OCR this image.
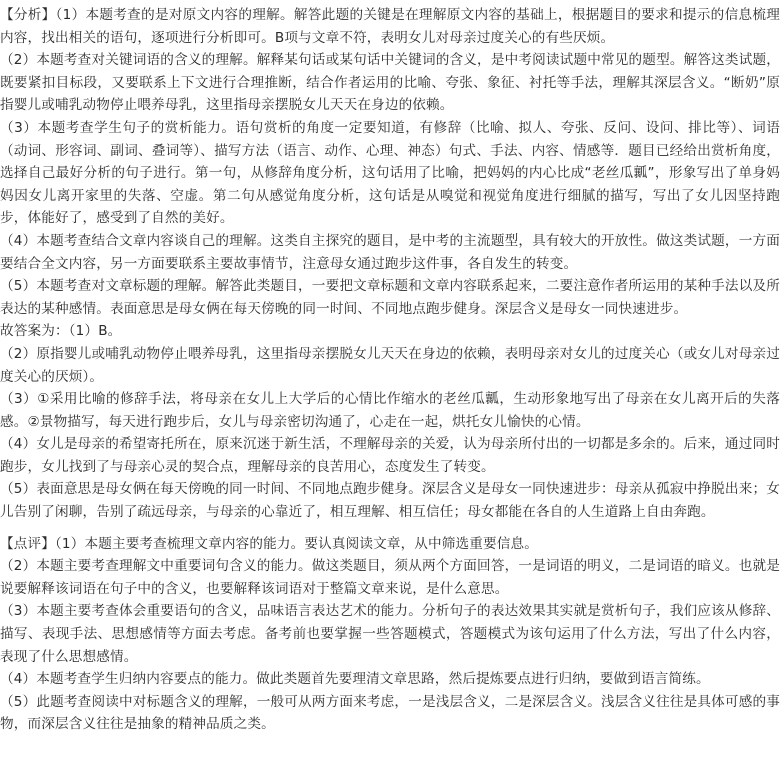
【分析】（1）本题考查的是对原文内容的理解。解答此题的关键是在理解原文内容的基础上，根据题目的要求和提示的信息梳理内容，找出相关的语句，逐项进行分析即可。B项与文章不符，表明女儿对母亲过度关心的有些厌烦。

（2）本题考查对关键词语的含义的理解。解释某句话或某句话中关键词的含义，是中考阅读试题中常见的题型。解答这类试题，既要紧扣目标段，又要联系上下文进行合理推断，结合作者运用的比喻、夸张、象征、衬托等手法，理解其深层含义。“断奶”原指婴儿或哺乳动物停止喂养母乳，这里指母亲摆脱女儿天天在身边的依赖。

（3）本题考查学生句子的赏析能力。语句赏析的角度一定要知道，有修辞（比喻、拟人、夸张、反问、设问、排比等）、词语（动词、形容词、副词、叠词等）、描写方法（语言、动作、心理、神态）句式、手法、内容、情感等．题目已经给出赏析角度，选择自己最好分析的句子进行。第一句，从修辞角度分析，这句话用了比喻，把妈妈的内心比成“老丝瓜瓤”，形象写出了单身妈妈因女儿离开家里的失落、空虚。第二句从感觉角度分析，这句话是从嗅觉和视觉角度进行细腻的描写，写出了女儿因坚持跑步，体能好了，感受到了自然的美好。

（4）本题考查结合文章内容谈自己的理解。这类自主探究的题目，是中考的主流题型，具有较大的开放性。做这类试题，一方面要结合全文内容，另一方面要联系主要故事情节，注意母女通过跑步这件事，各自发生的转变。

（5）本题考查对文章标题的理解。解答此类题目，一要把文章标题和文章内容联系起来，二要注意作者所运用的某种手法以及所表达的某种感情。表面意思是母女俩在每天傍晚的同一时间、不同地点跑步健身。深层含义是母女一同快速进步。

故答案为：（1）B。

（2）原指婴儿或哺乳动物停止喂养母乳，这里指母亲摆脱女儿天天在身边的依赖，表明母亲对女儿的过度关心（或女儿对母亲过度关心的厌烦）。

（3）①采用比喻的修辞手法，将母亲在女儿上大学后的心情比作缩水的老丝瓜瓤，生动形象地写出了母亲在女儿离开后的失落感。②景物描写，每天进行跑步后，女儿与母亲密切沟通了，心走在一起，烘托女儿愉快的心情。

（4）女儿是母亲的希望寄托所在，原来沉迷于新生活，不理解母亲的关爱，认为母亲所付出的一切都是多余的。后来，通过同时跑步，女儿找到了与母亲心灵的契合点，理解母亲的良苦用心，态度发生了转变。

（5）表面意思是母女俩在每天傍晚的同一时间、不同地点跑步健身。深层含义是母女一同快速进步：母亲从孤寂中挣脱出来；女儿告别了闲聊，告别了疏远母亲，与母亲的心靠近了，相互理解、相互信任；母女都能在各自的人生道路上自由奔跑。

【点评】（1）本题主要考查梳理文章内容的能力。要认真阅读文章，从中筛选重要信息。

（2）本题主要考查理解文中重要词句含义的能力。做这类题目，须从两个方面回答，一是词语的明义，二是词语的暗义。也就是说要解释该词语在句子中的含义，也要解释该词语对于整篇文章来说，是什么意思。

（3）本题主要考查体会重要语句的含义，品味语言表达艺术的能力。分析句子的表达效果其实就是赏析句子，我们应该从修辞、描写、表现手法、思想感情等方面去考虑。备考前也要掌握一些答题模式，答题模式为该句运用了什么方法，写出了什么内容，表现了什么思想感情。

（4）本题考查学生归纳内容要点的能力。做此类题首先要理清文章思路，然后提炼要点进行归纳，要做到语言简练。

（5）此题考查阅读中对标题含义的理解，一般可从两方面来考虑，一是浅层含义，二是深层含义。浅层含义往往是具体可感的事物，而深层含义往往是抽象的精神品质之类。
